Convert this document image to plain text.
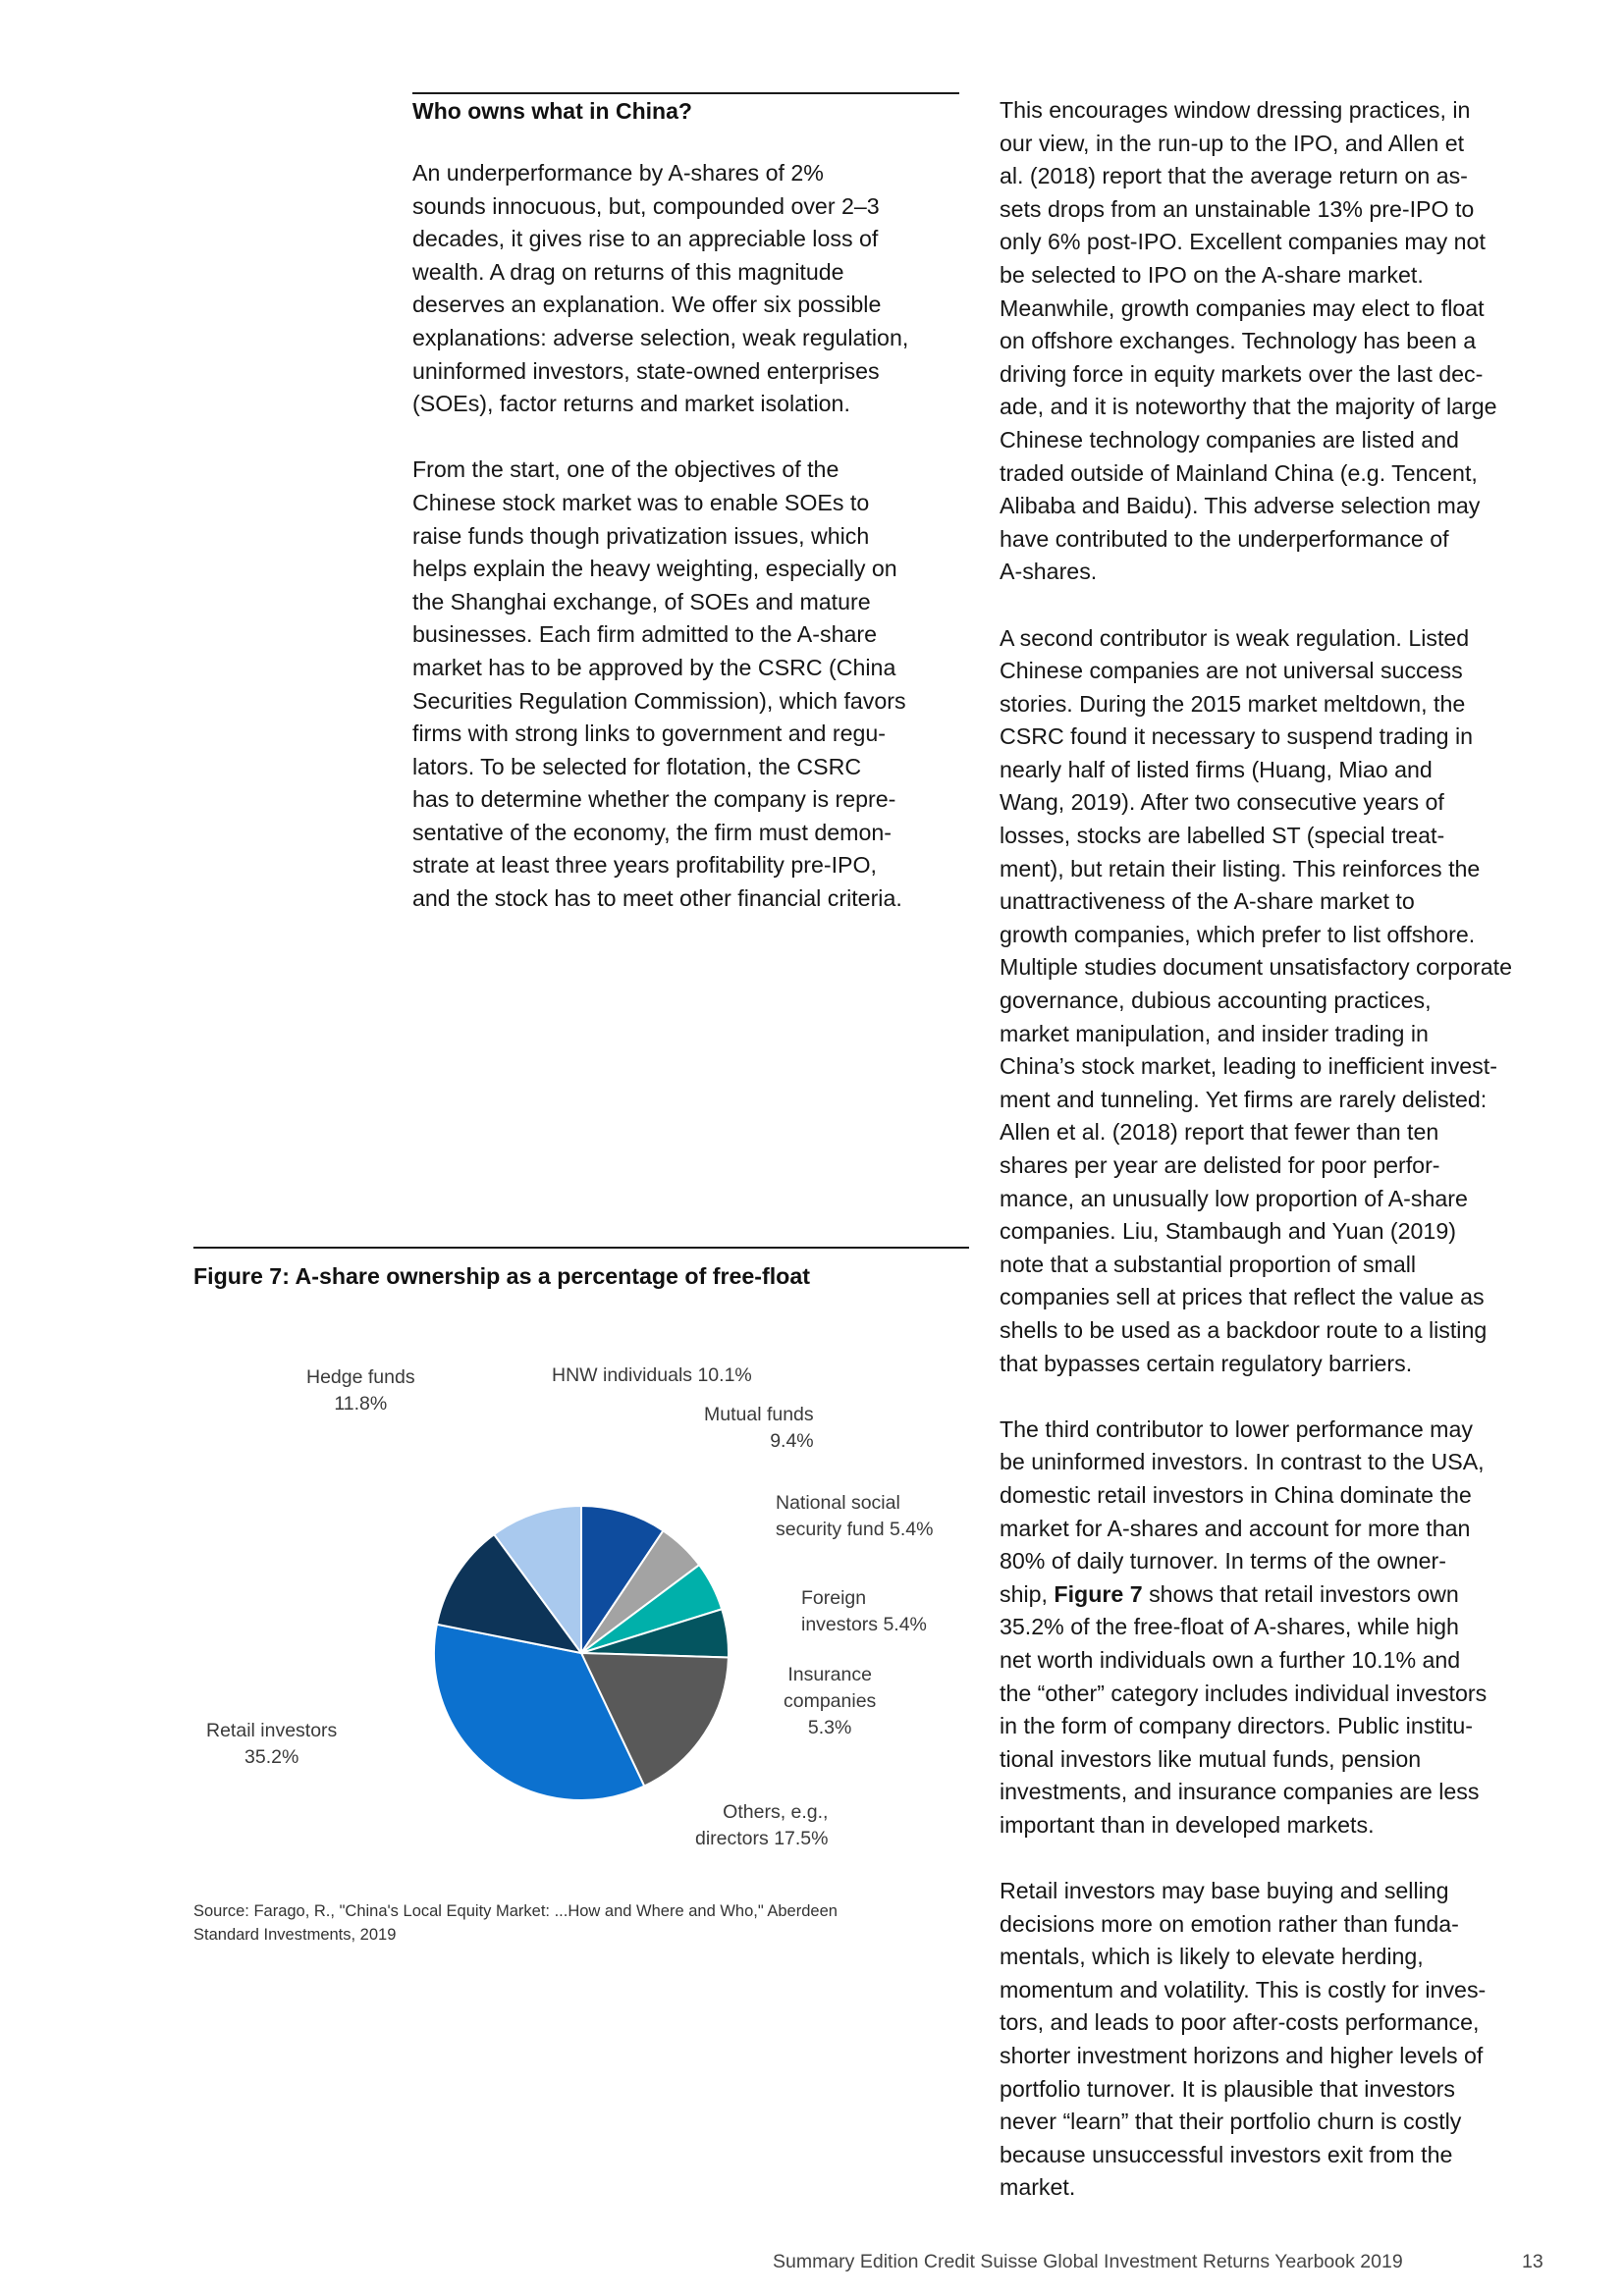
Who owns what in China?

An underperformance by A-shares of 2%
sounds innocuous, but, compounded over 2–3
decades, it gives rise to an appreciable loss of
wealth. A drag on returns of this magnitude
deserves an explanation. We offer six possible
explanations: adverse selection, weak regulation,
uninformed investors, state-owned enterprises
(SOEs), factor returns and market isolation.

From the start, one of the objectives of the
Chinese stock market was to enable SOEs to
raise funds though privatization issues, which
helps explain the heavy weighting, especially on
the Shanghai exchange, of SOEs and mature
businesses. Each firm admitted to the A-share
market has to be approved by the CSRC (China
Securities Regulation Commission), which favors
firms with strong links to government and regu-
lators. To be selected for flotation, the CSRC
has to determine whether the company is repre-
sentative of the economy, the firm must demon-
strate at least three years profitability pre-IPO,
and the stock has to meet other financial criteria.

This encourages window dressing practices, in
our view, in the run-up to the IPO, and Allen et
al. (2018) report that the average return on as-
sets drops from an unstainable 13% pre-IPO to
only 6% post-IPO. Excellent companies may not
be selected to IPO on the A-share market.
Meanwhile, growth companies may elect to float
on offshore exchanges. Technology has been a
driving force in equity markets over the last dec-
ade, and it is noteworthy that the majority of large
Chinese technology companies are listed and
traded outside of Mainland China (e.g. Tencent,
Alibaba and Baidu). This adverse selection may
have contributed to the underperformance of
A-shares.

A second contributor is weak regulation. Listed
Chinese companies are not universal success
stories. During the 2015 market meltdown, the
CSRC found it necessary to suspend trading in
nearly half of listed firms (Huang, Miao and
Wang, 2019). After two consecutive years of
losses, stocks are labelled ST (special treat-
ment), but retain their listing. This reinforces the
unattractiveness of the A-share market to
growth companies, which prefer to list offshore.
Multiple studies document unsatisfactory corporate
governance, dubious accounting practices,
market manipulation, and insider trading in
China’s stock market, leading to inefficient invest-
ment and tunneling. Yet firms are rarely delisted:
Allen et al. (2018) report that fewer than ten
shares per year are delisted for poor perfor-
mance, an unusually low proportion of A-share
companies. Liu, Stambaugh and Yuan (2019)
note that a substantial proportion of small
companies sell at prices that reflect the value as
shells to be used as a backdoor route to a listing
that bypasses certain regulatory barriers.

The third contributor to lower performance may
be uninformed investors. In contrast to the USA,
domestic retail investors in China dominate the
market for A-shares and account for more than
80% of daily turnover. In terms of the owner-
ship, Figure 7 shows that retail investors own
35.2% of the free-float of A-shares, while high
net worth individuals own a further 10.1% and
the “other” category includes individual investors
in the form of company directors. Public institu-
tional investors like mutual funds, pension
investments, and insurance companies are less
important than in developed markets.

Retail investors may base buying and selling
decisions more on emotion rather than funda-
mentals, which is likely to elevate herding,
momentum and volatility. This is costly for inves-
tors, and leads to poor after-costs performance,
shorter investment horizons and higher levels of
portfolio turnover. It is plausible that investors
never “learn” that their portfolio churn is costly
because unsuccessful investors exit from the
market.

Figure 7: A-share ownership as a percentage of free-float
HNW individuals 10.1%
Hedge funds
11.8%	Mutual funds
9.4%
National social
security fund 5.4%
Foreign
investors 5.4%
Insurance
companies
5.3%
Others, e.g.,
directors 17.5%
Retail investors
35.2%
Source: Farago, R., "China's Local Equity Market: ...How and Where and Who," Aberdeen
Standard Investments, 2019
Summary Edition Credit Suisse Global Investment Returns Yearbook 2019	13
